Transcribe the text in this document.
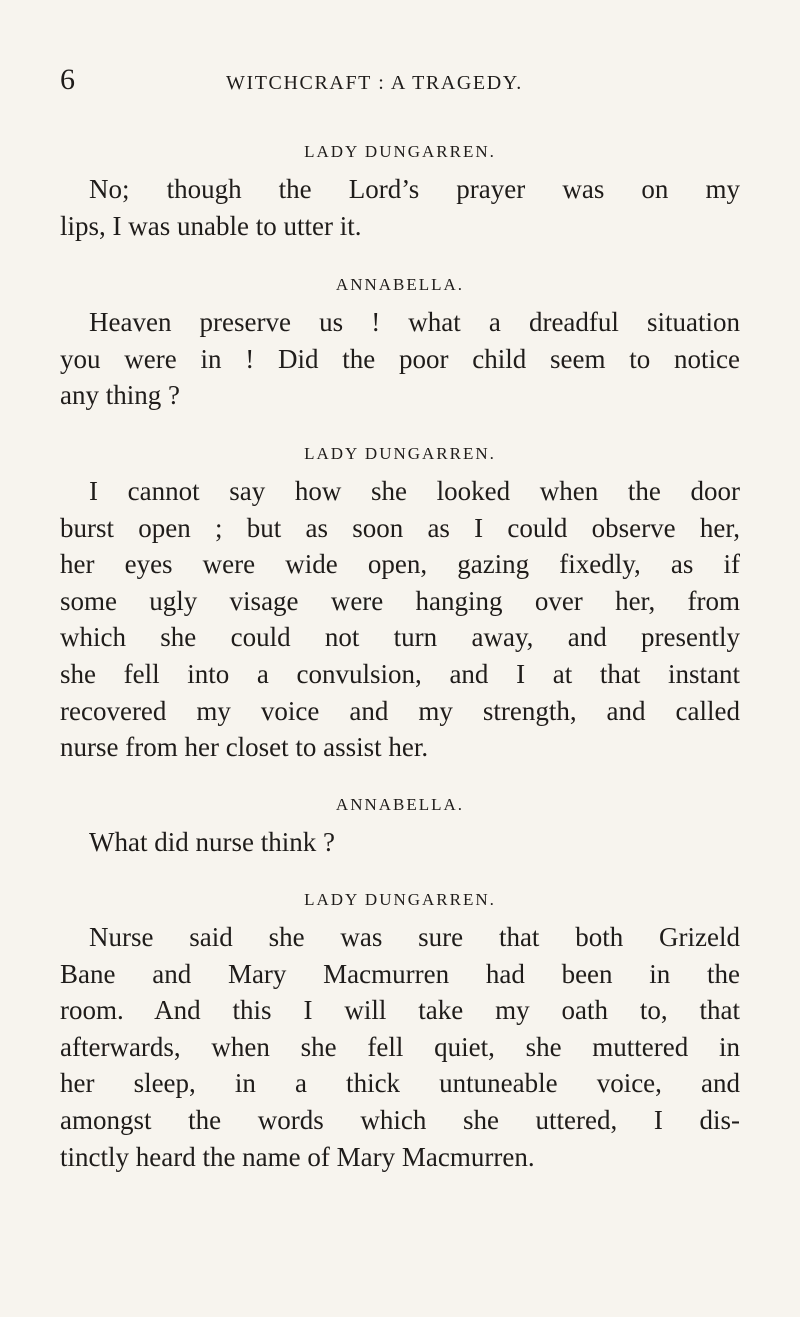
6	WITCHCRAFT : A TRAGEDY.

LADY DUNGARREN.

No; though the Lord’s prayer was on my

lips, I was unable to utter it.

ANNABELLA.

Heaven preserve us ! what a dreadful situation

you were in ! Did the poor child seem to notice

any thing ?

LADY DUNGARREN.

I cannot say how she looked when the door

burst open ; but as soon as I could observe her,

her eyes were wide open, gazing fixedly, as if

some ugly visage were hanging over her, from

which she could not turn away, and presently

she fell into a convulsion, and I at that instant

recovered my voice and my strength, and called

nurse from her closet to assist her.

ANNABELLA.

What did nurse think ?

LADY DUNGARREN.

Nurse said she was sure that both Grizeld

Bane and Mary Macmurren had been in the

room. And this I will take my oath to, that

afterwards, when she fell quiet, she muttered in

her sleep, in a thick untuneable voice, and

amongst the words which she uttered, I dis-

tinctly heard the name of Mary Macmurren.
